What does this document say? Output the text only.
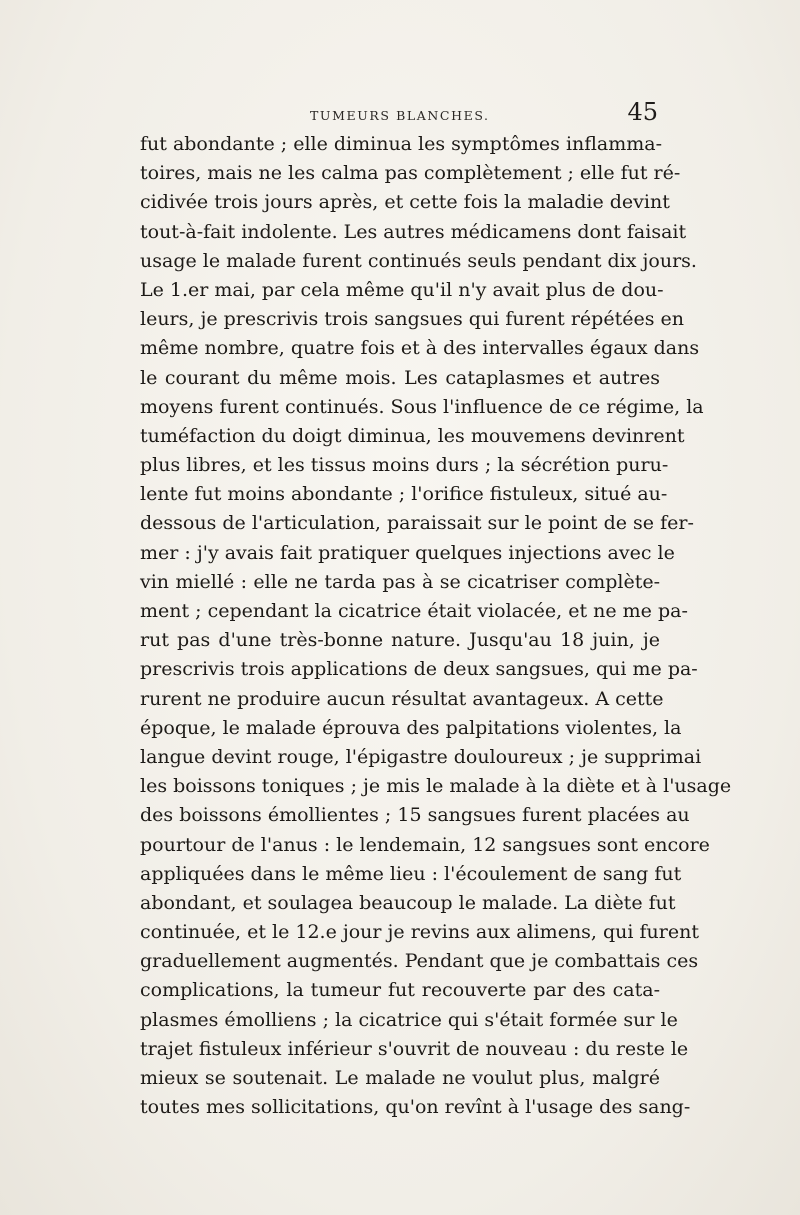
TUMEURS BLANCHES.	45
fut abondante ; elle diminua les symptômes inflamma-
toires, mais ne les calma pas complètement ; elle fut ré-
cidivée trois jours après, et cette fois la maladie devint
tout-à-fait indolente. Les autres médicamens dont faisait
usage le malade furent continués seuls pendant dix jours.
Le 1.er mai, par cela même qu'il n'y avait plus de dou-
leurs, je prescrivis trois sangsues qui furent répétées en
même nombre, quatre fois et à des intervalles égaux dans
le courant du même mois. Les cataplasmes et autres
moyens furent continués. Sous l'influence de ce régime, la
tuméfaction du doigt diminua, les mouvemens devinrent
plus libres, et les tissus moins durs ; la sécrétion puru-
lente fut moins abondante ; l'orifice fistuleux, situé au-
dessous de l'articulation, paraissait sur le point de se fer-
mer : j'y avais fait pratiquer quelques injections avec le
vin miellé : elle ne tarda pas à se cicatriser complète-
ment ; cependant la cicatrice était violacée, et ne me pa-
rut pas d'une très-bonne nature. Jusqu'au 18 juin, je
prescrivis trois applications de deux sangsues, qui me pa-
rurent ne produire aucun résultat avantageux. A cette
époque, le malade éprouva des palpitations violentes, la
langue devint rouge, l'épigastre douloureux ; je supprimai
les boissons toniques ; je mis le malade à la diète et à l'usage
des boissons émollientes ; 15 sangsues furent placées au
pourtour de l'anus : le lendemain, 12 sangsues sont encore
appliquées dans le même lieu : l'écoulement de sang fut
abondant, et soulagea beaucoup le malade. La diète fut
continuée, et le 12.e jour je revins aux alimens, qui furent
graduellement augmentés. Pendant que je combattais ces
complications, la tumeur fut recouverte par des cata-
plasmes émolliens ; la cicatrice qui s'était formée sur le
trajet fistuleux inférieur s'ouvrit de nouveau : du reste le
mieux se soutenait. Le malade ne voulut plus, malgré
toutes mes sollicitations, qu'on revînt à l'usage des sang-
